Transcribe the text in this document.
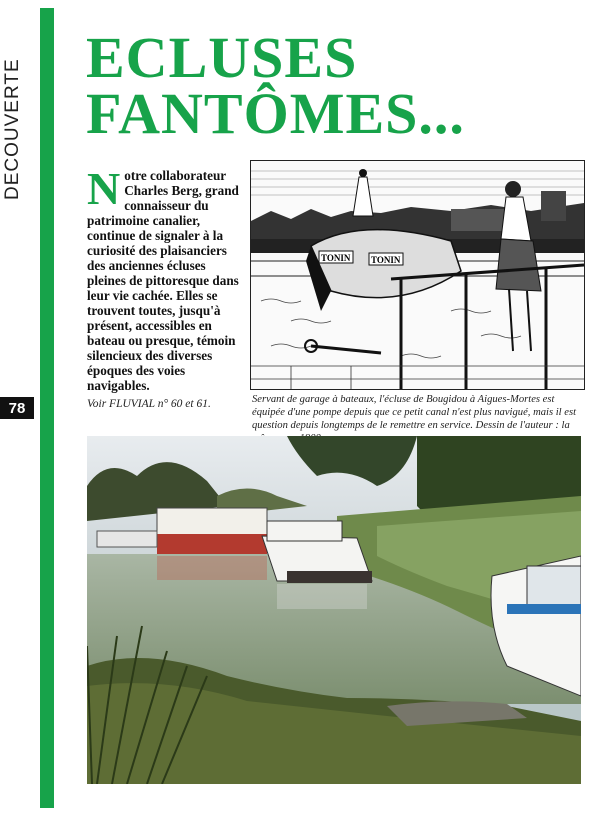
DECOUVERTE
78
ECLUSES
FANTÔMES...
Notre collaborateur Charles Berg, grand connaisseur du patrimoine canalier, continue de signaler à la curiosité des plaisanciers des anciennes écluses pleines de pittoresque dans leur vie cachée. Elles se trouvent toutes, jusqu'à présent, accessibles en bateau ou presque, témoin silencieux des diverses époques des voies navigables.
Voir FLUVIAL n° 60 et 61.
TONIN TONIN
Servant de garage à bateaux, l'écluse de Bougidou à Aigues-Mortes est équipée d'une pompe depuis que ce petit canal n'est plus navigué, mais il est question depuis longtemps de le remettre en service. Dessin de l'auteur : la
